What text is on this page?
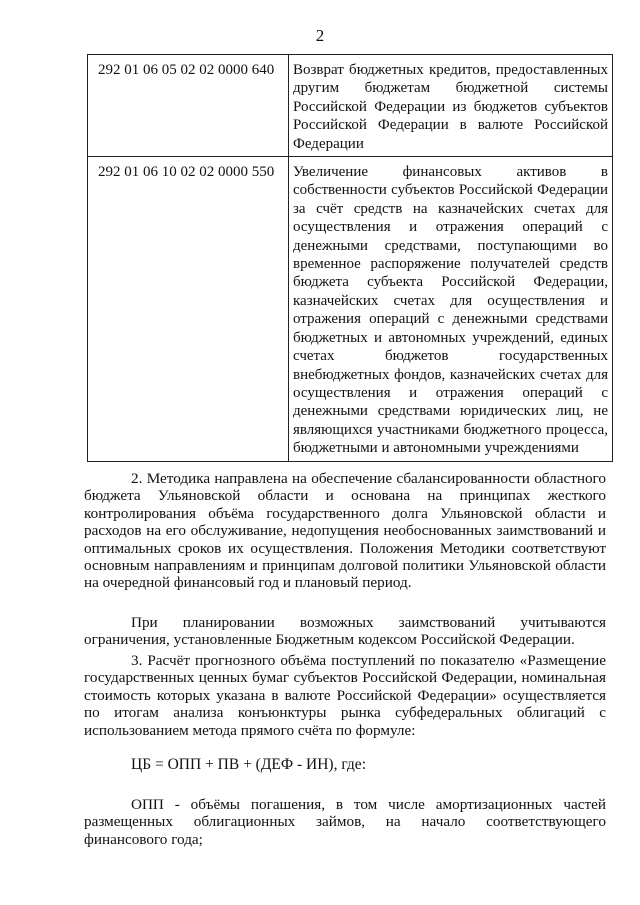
2
292 01 06 05 02 02 0000 640	Возврат бюджетных кредитов, предоставленных другим бюджетам бюджетной системы Российской Федерации из бюджетов субъектов Российской Федерации в валюте Российской Федерации
292 01 06 10 02 02 0000 550	Увеличение финансовых активов в собственности субъектов Российской Федерации за счёт средств на казначейских счетах для осуществления и отражения операций с денежными средствами, поступающими во временное распоряжение получателей средств бюджета субъекта Российской Федерации, казначейских счетах для осуществления и отражения операций с денежными средствами бюджетных и автономных учреждений, единых счетах бюджетов государственных внебюджетных фондов, казначейских счетах для осуществления и отражения операций с денежными средствами юридических лиц, не являющихся участниками бюджетного процесса, бюджетными и автономными учреждениями

2. Методика направлена на обеспечение сбалансированности областного бюджета Ульяновской области и основана на принципах жесткого контролирования объёма государственного долга Ульяновской области и расходов на его обслуживание, недопущения необоснованных заимствований и оптимальных сроков их осуществления. Положения Методики соответствуют основным направлениям и принципам долговой политики Ульяновской области на очередной финансовый год и плановый период.

При планировании возможных заимствований учитываются ограничения, установленные Бюджетным кодексом Российской Федерации.

3. Расчёт прогнозного объёма поступлений по показателю «Размещение государственных ценных бумаг субъектов Российской Федерации, номинальная стоимость которых указана в валюте Российской Федерации» осуществляется по итогам анализа конъюнктуры рынка субфедеральных облигаций с использованием метода прямого счёта по формуле:

ЦБ = ОПП + ПВ + (ДЕФ - ИН), где:

ОПП - объёмы погашения, в том числе амортизационных частей размещенных облигационных займов, на начало соответствующего финансового года;
